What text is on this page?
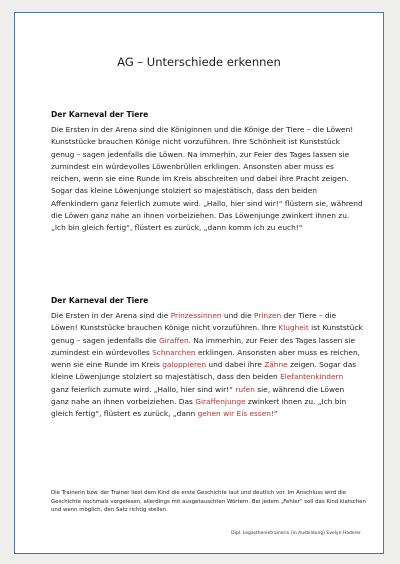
AG – Unterschiede erkennen
Der Karneval der Tiere

Die Ersten in der Arena sind die Königinnen und die Könige der Tiere – die Löwen! Kunststücke brauchen Könige nicht vorzuführen. Ihre Schönheit ist Kunststück genug – sagen jedenfalls die Löwen. Na immerhin, zur Feier des Tages lassen sie zumindest ein würdevolles Löwenbrüllen erklingen. Ansonsten aber muss es reichen, wenn sie eine Runde im Kreis abschreiten und dabei ihre Pracht zeigen. Sogar das kleine Löwenjunge stolziert so majestätisch, dass den beiden Affenkindern ganz feierlich zumute wird. „Hallo, hier sind wir!“ flüstern sie, während die Löwen ganz nahe an ihnen vorbeiziehen. Das Löwenjunge zwinkert ihnen zu. „Ich bin gleich fertig“, flüstert es zurück, „dann komm ich zu euch!“

Der Karneval der Tiere

Die Ersten in der Arena sind die Prinzessinnen und die Prinzen der Tiere – die Löwen! Kunststücke brauchen Könige nicht vorzuführen. Ihre Klugheit ist Kunststück genug – sagen jedenfalls die Giraffen. Na immerhin, zur Feier des Tages lassen sie zumindest ein würdevolles Schnarchen erklingen. Ansonsten aber muss es reichen, wenn sie eine Runde im Kreis galoppieren und dabei ihre Zähne zeigen. Sogar das kleine Löwenjunge stolziert so majestätisch, dass den beiden Elefantenkindern ganz feierlich zumute wird. „Hallo, hier sind wir!“ rufen sie, während die Löwen ganz nahe an ihnen vorbeiziehen. Das Giraffenjunge zwinkert ihnen zu. „Ich bin gleich fertig“, flüstert es zurück, „dann gehen wir Eis essen!“

Die Trainerin bzw. der Trainer liest dem Kind die erste Geschichte laut und deutlich vor. Im Anschluss wird die Geschichte nochmals vorgelesen, allerdings mit ausgetauschten Wörtern. Bei jedem „Fehler“ soll das Kind klatschen und wenn möglich, den Satz richtig stellen.

Dipl. Legasthenietrainerin (in Ausbildung) Evelyn Haderer
